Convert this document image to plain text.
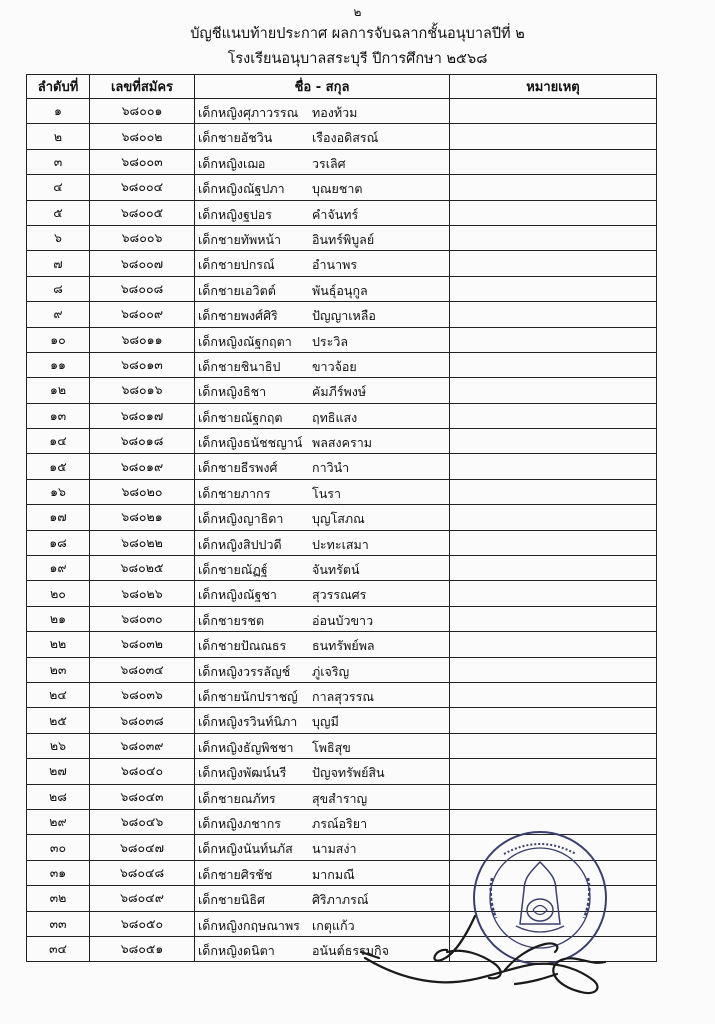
๒
บัญชีแนบท้ายประกาศ ผลการจับฉลากชั้นอนุบาลปีที่ ๒
โรงเรียนอนุบาลสระบุรี ปีการศึกษา ๒๕๖๘
ลำดับที่	เลขที่สมัคร	ชื่อ - สกุล	หมายเหตุ
๑	๖๘๐๐๑	เด็กหญิงศุภาวรรณ ทองท้วม	

๒	๖๘๐๐๒	เด็กชายอัชวิน เรืองอดิสรณ์	

๓	๖๘๐๐๓	เด็กหญิงเฌอ วรเลิศ	

๔	๖๘๐๐๔	เด็กหญิงณัฐปภา บุณยชาต	

๕	๖๘๐๐๕	เด็กหญิงฐปอร คำจันทร์	

๖	๖๘๐๐๖	เด็กชายทัพหน้า อินทร์พิบูลย์	

๗	๖๘๐๐๗	เด็กชายปกรณ์ อำนาพร	

๘	๖๘๐๐๘	เด็กชายเอวิตต์ พันธุ์อนุกูล	

๙	๖๘๐๐๙	เด็กชายพงศ์ศิริ ปัญญาเหลือ	

๑๐	๖๘๐๑๑	เด็กหญิงณัฐกฤตา ประวิล	

๑๑	๖๘๐๑๓	เด็กชายชินาธิป ขาวจ้อย	

๑๒	๖๘๐๑๖	เด็กหญิงธิชา คัมภีร์พงษ์	

๑๓	๖๘๐๑๗	เด็กชายณัฐกฤต ฤทธิแสง	

๑๔	๖๘๐๑๘	เด็กหญิงธนัชชญาน์ พลสงคราม	

๑๕	๖๘๐๑๙	เด็กชายธีรพงศ์ กาวินำ	

๑๖	๖๘๐๒๐	เด็กชายภากร โนรา	

๑๗	๖๘๐๒๑	เด็กหญิงญาธิดา บุญโสภณ	

๑๘	๖๘๐๒๒	เด็กหญิงสิปปวดี ปะทะเสมา	

๑๙	๖๘๐๒๕	เด็กชายณัฏฐ์ จันทรัตน์	

๒๐	๖๘๐๒๖	เด็กหญิงณัฐชา สุวรรณศร	

๒๑	๖๘๐๓๐	เด็กชายรชต อ่อนบัวขาว	

๒๒	๖๘๐๓๒	เด็กชายปัณณธร ธนทรัพย์พล	

๒๓	๖๘๐๓๔	เด็กหญิงวรรลัญช์ ภู่เจริญ	

๒๔	๖๘๐๓๖	เด็กชายนักปราชญ์ กาลสุวรรณ	

๒๕	๖๘๐๓๘	เด็กหญิงรวินท์นิภา บุญมี	

๒๖	๖๘๐๓๙	เด็กหญิงธัญพิชชา โพธิสุข	

๒๗	๖๘๐๔๐	เด็กหญิงพัฒน์นรี ปัญจทรัพย์สิน	

๒๘	๖๘๐๔๓	เด็กชายณภัทร สุขสำราญ	

๒๙	๖๘๐๔๖	เด็กหญิงภชากร ภรณ์อริยา	

๓๐	๖๘๐๔๗	เด็กหญิงนันท์นภัส นามสง่า	

๓๑	๖๘๐๔๘	เด็กชายศิรชัช มากมณี	

๓๒	๖๘๐๔๙	เด็กชายนิธิศ ศิริภาภรณ์	

๓๓	๖๘๐๕๐	เด็กหญิงกฤษณาพร เกตุแก้ว	

๓๔	๖๘๐๕๑	เด็กหญิงดนิตา อนันต์ธรรมกิจ	
